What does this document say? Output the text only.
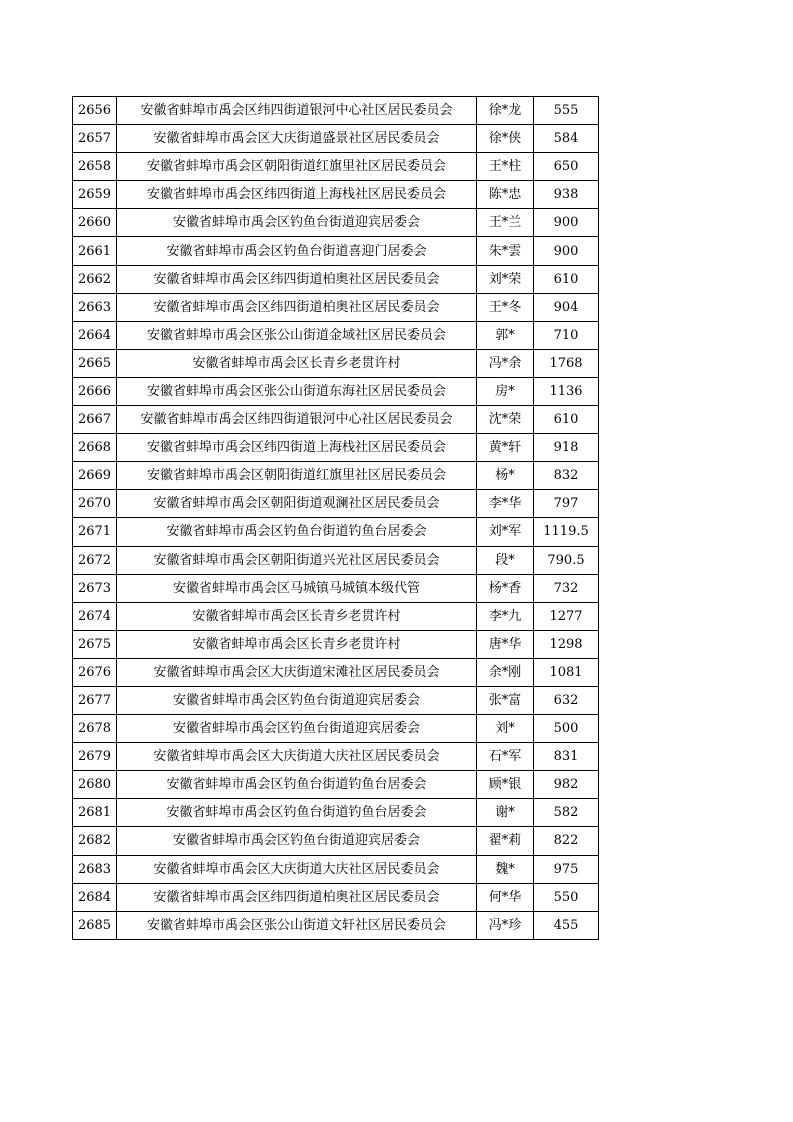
2656	安徽省蚌埠市禹会区纬四街道银河中心社区居民委员会	徐*龙	555
2657	安徽省蚌埠市禹会区大庆街道盛景社区居民委员会	徐*侠	584
2658	安徽省蚌埠市禹会区朝阳街道红旗里社区居民委员会	王*柱	650
2659	安徽省蚌埠市禹会区纬四街道上海栈社区居民委员会	陈*忠	938
2660	安徽省蚌埠市禹会区钓鱼台街道迎宾居委会	王*兰	900
2661	安徽省蚌埠市禹会区钓鱼台街道喜迎门居委会	朱*雲	900
2662	安徽省蚌埠市禹会区纬四街道柏奥社区居民委员会	刘*荣	610
2663	安徽省蚌埠市禹会区纬四街道柏奥社区居民委员会	王*冬	904
2664	安徽省蚌埠市禹会区张公山街道金域社区居民委员会	郭*	710
2665	安徽省蚌埠市禹会区长青乡老贯许村	冯*余	1768
2666	安徽省蚌埠市禹会区张公山街道东海社区居民委员会	房*	1136
2667	安徽省蚌埠市禹会区纬四街道银河中心社区居民委员会	沈*荣	610
2668	安徽省蚌埠市禹会区纬四街道上海栈社区居民委员会	黄*轩	918
2669	安徽省蚌埠市禹会区朝阳街道红旗里社区居民委员会	杨*	832
2670	安徽省蚌埠市禹会区朝阳街道观澜社区居民委员会	李*华	797
2671	安徽省蚌埠市禹会区钓鱼台街道钓鱼台居委会	刘*军	1119.5
2672	安徽省蚌埠市禹会区朝阳街道兴光社区居民委员会	段*	790.5
2673	安徽省蚌埠市禹会区马城镇马城镇本级代管	杨*香	732
2674	安徽省蚌埠市禹会区长青乡老贯许村	李*九	1277
2675	安徽省蚌埠市禹会区长青乡老贯许村	唐*华	1298
2676	安徽省蚌埠市禹会区大庆街道宋滩社区居民委员会	余*刚	1081
2677	安徽省蚌埠市禹会区钓鱼台街道迎宾居委会	张*富	632
2678	安徽省蚌埠市禹会区钓鱼台街道迎宾居委会	刘*	500
2679	安徽省蚌埠市禹会区大庆街道大庆社区居民委员会	石*军	831
2680	安徽省蚌埠市禹会区钓鱼台街道钓鱼台居委会	顾*银	982
2681	安徽省蚌埠市禹会区钓鱼台街道钓鱼台居委会	谢*	582
2682	安徽省蚌埠市禹会区钓鱼台街道迎宾居委会	翟*莉	822
2683	安徽省蚌埠市禹会区大庆街道大庆社区居民委员会	魏*	975
2684	安徽省蚌埠市禹会区纬四街道柏奥社区居民委员会	何*华	550
2685	安徽省蚌埠市禹会区张公山街道文轩社区居民委员会	冯*珍	455
